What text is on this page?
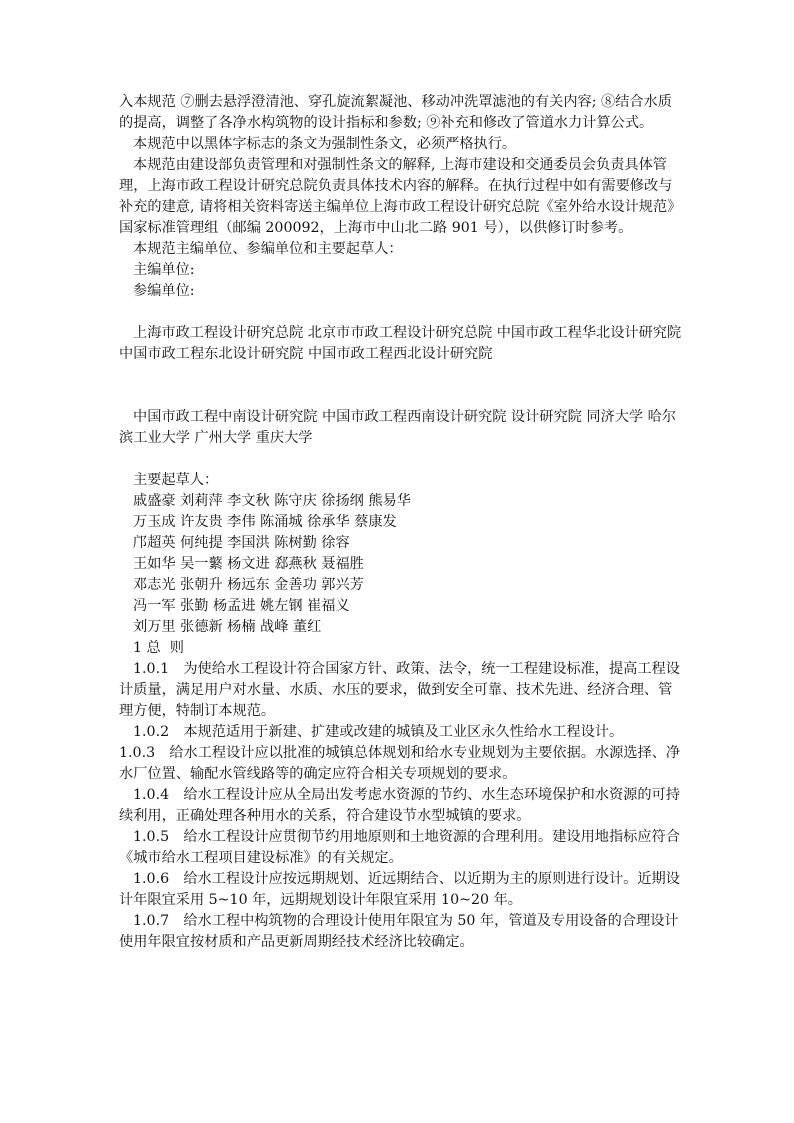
入本规范 ⑦删去悬浮澄清池、穿孔旋流絮凝池、移动冲洗罩滤池的有关内容; ⑧结合水质的提高，调整了各净水构筑物的设计指标和参数; ⑨补充和修改了管道水力计算公式。

本规范中以黑体字标志的条文为强制性条文，必须严格执行。

本规范由建设部负责管理和对强制性条文的解释, 上海市建设和交通委员会负责具体管理，上海市政工程设计研究总院负责具体技术内容的解释。在执行过程中如有需要修改与补充的建意, 请将相关资料寄送主编单位上海市政工程设计研究总院《室外给水设计规范》国家标准管理组（邮编 200092，上海市中山北二路 901 号），以供修订时参考。

本规范主编单位、参编单位和主要起草人：

主编单位:

参编单位:

上海市政工程设计研究总院 北京市市政工程设计研究总院 中国市政工程华北设计研究院 中国市政工程东北设计研究院 中国市政工程西北设计研究院

中国市政工程中南设计研究院 中国市政工程西南设计研究院 设计研究院 同济大学 哈尔滨工业大学 广州大学 重庆大学

主要起草人：

戚盛豪 刘莉萍 李文秋 陈守庆 徐扬纲 熊易华

万玉成 许友贵 李伟 陈涌城 徐承华 蔡康发

邝超英 何纯提 李国洪 陈树勤 徐容

王如华 吴一蘩 杨文进 郄燕秋 聂福胜

邓志光 张朝升 杨远东 金善功 郭兴芳

冯一军 张勤 杨孟进 姚左钢 崔福义

刘万里 张德新 杨楠 战峰 董红

1 总  则

1.0.1　 为使给水工程设计符合国家方针、政策、法令，统一工程建设标准，提高工程设计质量，满足用户对水量、水质、水压的要求，做到安全可靠、技术先进、经济合理、管理方便，特制订本规范。

1.0.2　 本规范适用于新建、扩建或改建的城镇及工业区永久性给水工程设计。

1.0.3　 给水工程设计应以批准的城镇总体规划和给水专业规划为主要依据。水源选择、净水厂位置、输配水管线路等的确定应符合相关专项规划的要求。

1.0.4　 给水工程设计应从全局出发考虑水资源的节约、水生态环境保护和水资源的可持续利用，正确处理各种用水的关系，符合建设节水型城镇的要求。

1.0.5　 给水工程设计应贯彻节约用地原则和土地资源的合理利用。建设用地指标应符合《城市给水工程项目建设标准》的有关规定。

1.0.6　 给水工程设计应按远期规划、近远期结合、以近期为主的原则进行设计。近期设计年限宜采用 5~10 年，远期规划设计年限宜采用 10~20 年。

1.0.7　 给水工程中构筑物的合理设计使用年限宜为 50 年，管道及专用设备的合理设计使用年限宜按材质和产品更新周期经技术经济比较确定。
